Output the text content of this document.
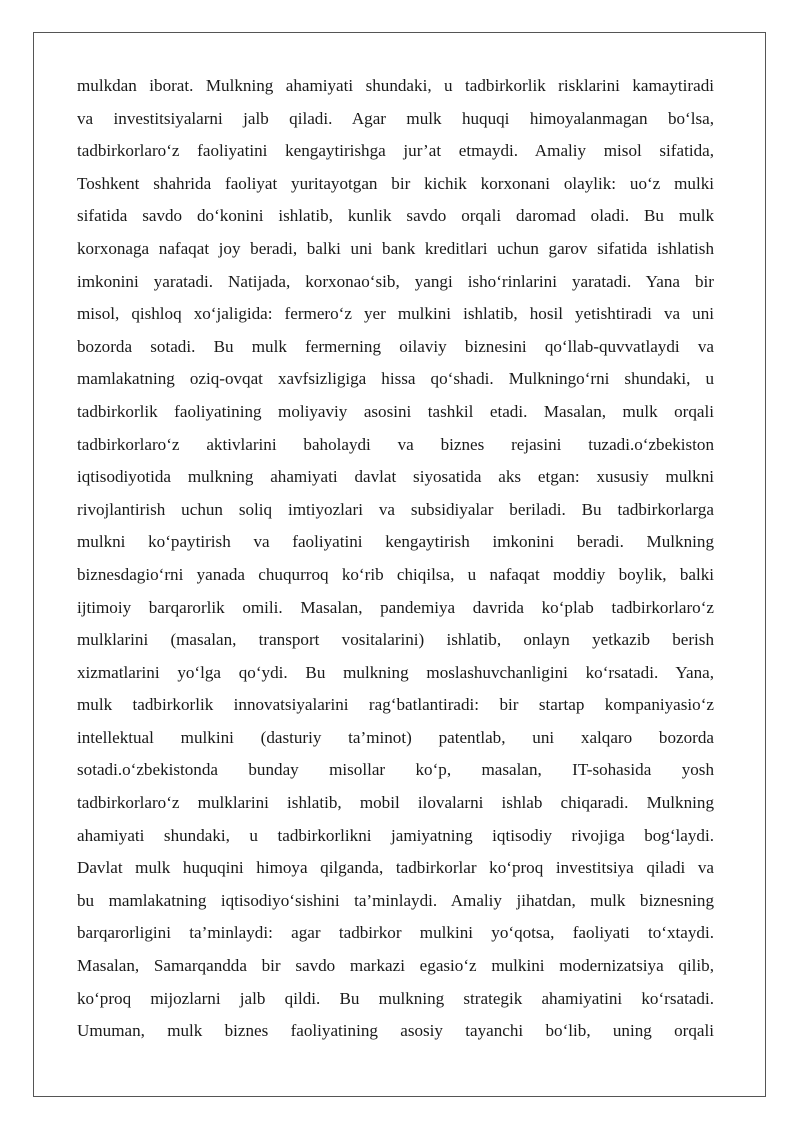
mulkdan iborat. Mulkning ahamiyati shundaki, u tadbirkorlik risklarini kamaytiradi
va investitsiyalarni jalb qiladi. Agar mulk huquqi himoyalanmagan bo‘lsa,
tadbirkorlaro‘z faoliyatini kengaytirishga jur’at etmaydi. Amaliy misol sifatida,
Toshkent shahrida faoliyat yuritayotgan bir kichik korxonani olaylik: uo‘z mulki
sifatida savdo do‘konini ishlatib, kunlik savdo orqali daromad oladi. Bu mulk
korxonaga nafaqat joy beradi, balki uni bank kreditlari uchun garov sifatida ishlatish
imkonini yaratadi. Natijada, korxonao‘sib, yangi isho‘rinlarini yaratadi. Yana bir
misol, qishloq xo‘jaligida: fermero‘z yer mulkini ishlatib, hosil yetishtiradi va uni
bozorda sotadi. Bu mulk fermerning oilaviy biznesini qo‘llab-quvvatlaydi va
mamlakatning oziq-ovqat xavfsizligiga hissa qo‘shadi. Mulkningo‘rni shundaki, u
tadbirkorlik faoliyatining moliyaviy asosini tashkil etadi. Masalan, mulk orqali
tadbirkorlaro‘z aktivlarini baholaydi va biznes rejasini tuzadi.o‘zbekiston
iqtisodiyotida mulkning ahamiyati davlat siyosatida aks etgan: xususiy mulkni
rivojlantirish uchun soliq imtiyozlari va subsidiyalar beriladi. Bu tadbirkorlarga
mulkni ko‘paytirish va faoliyatini kengaytirish imkonini beradi. Mulkning
biznesdagio‘rni yanada chuqurroq ko‘rib chiqilsa, u nafaqat moddiy boylik, balki
ijtimoiy barqarorlik omili. Masalan, pandemiya davrida ko‘plab tadbirkorlaro‘z
mulklarini (masalan, transport vositalarini) ishlatib, onlayn yetkazib berish
xizmatlarini yo‘lga qo‘ydi. Bu mulkning moslashuvchanligini ko‘rsatadi. Yana,
mulk tadbirkorlik innovatsiyalarini rag‘batlantiradi: bir startap kompaniyasio‘z
intellektual mulkini (dasturiy ta’minot) patentlab, uni xalqaro bozorda
sotadi.o‘zbekistonda bunday misollar ko‘p, masalan, IT-sohasida yosh
tadbirkorlaro‘z mulklarini ishlatib, mobil ilovalarni ishlab chiqaradi. Mulkning
ahamiyati shundaki, u tadbirkorlikni jamiyatning iqtisodiy rivojiga bog‘laydi.
Davlat mulk huquqini himoya qilganda, tadbirkorlar ko‘proq investitsiya qiladi va
bu mamlakatning iqtisodiyo‘sishini ta’minlaydi. Amaliy jihatdan, mulk biznesning
barqarorligini ta’minlaydi: agar tadbirkor mulkini yo‘qotsa, faoliyati to‘xtaydi.
Masalan, Samarqandda bir savdo markazi egasio‘z mulkini modernizatsiya qilib,
ko‘proq mijozlarni jalb qildi. Bu mulkning strategik ahamiyatini ko‘rsatadi.
Umuman, mulk biznes faoliyatining asosiy tayanchi bo‘lib, uning orqali
